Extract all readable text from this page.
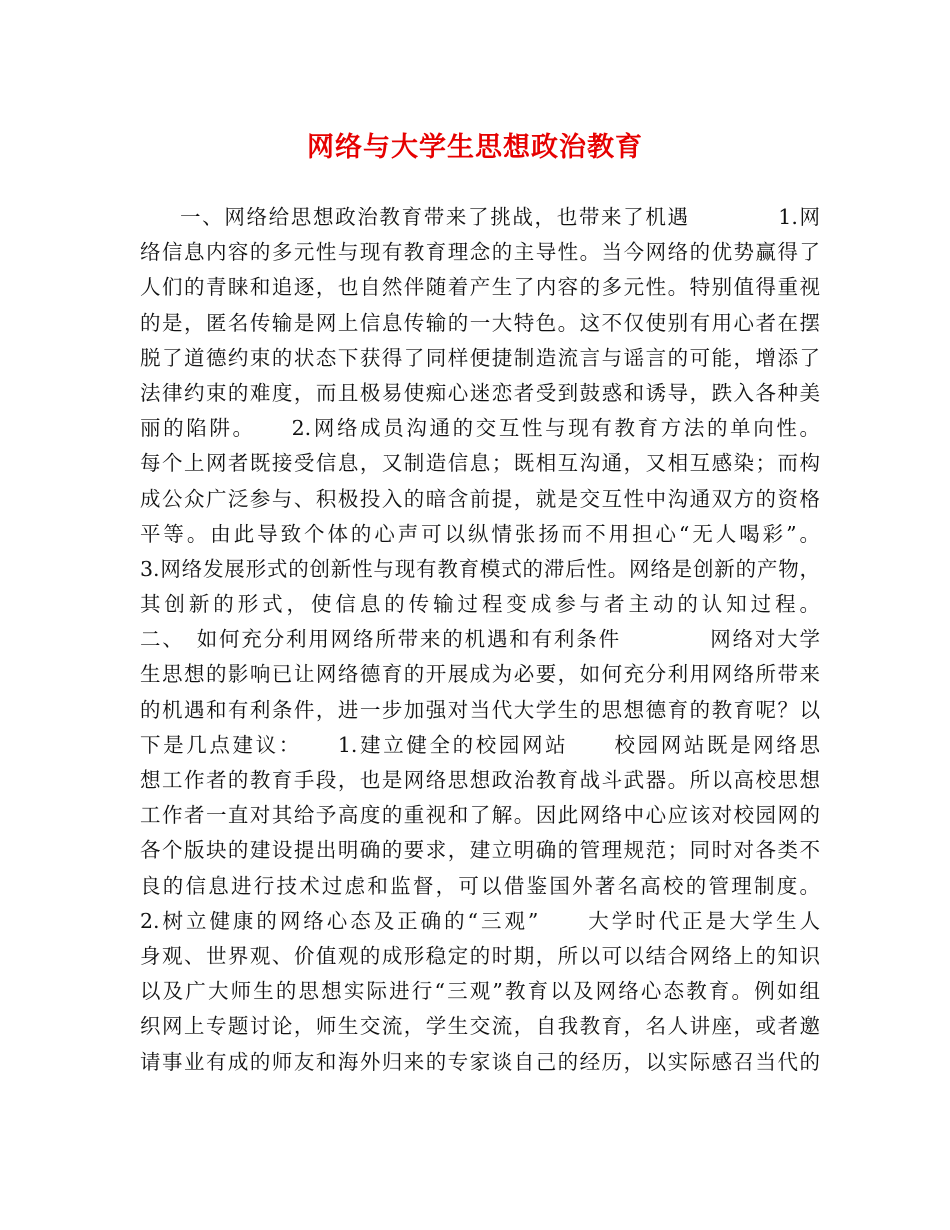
网络与大学生思想政治教育
一、网络给思想政治教育带来了挑战，也带来了机遇　　　　1.网
络信息内容的多元性与现有教育理念的主导性。当今网络的优势赢得了
人们的青睐和追逐，也自然伴随着产生了内容的多元性。特别值得重视
的是，匿名传输是网上信息传输的一大特色。这不仅使别有用心者在摆
脱了道德约束的状态下获得了同样便捷制造流言与谣言的可能，增添了
法律约束的难度，而且极易使痴心迷恋者受到鼓惑和诱导，跌入各种美
丽的陷阱。　　2.网络成员沟通的交互性与现有教育方法的单向性。
每个上网者既接受信息，又制造信息；既相互沟通，又相互感染；而构
成公众广泛参与、积极投入的暗含前提，就是交互性中沟通双方的资格
平等。由此导致个体的心声可以纵情张扬而不用担心“无人喝彩”。
3.网络发展形式的创新性与现有教育模式的滞后性。网络是创新的产物，
其创新的形式，使信息的传输过程变成参与者主动的认知过程。
二、　如何充分利用网络所带来的机遇和有利条件　　　　网络对大学
生思想的影响已让网络德育的开展成为必要，如何充分利用网络所带来
的机遇和有利条件，进一步加强对当代大学生的思想德育的教育呢？以
下是几点建议：　　1.建立健全的校园网站　　校园网站既是网络思
想工作者的教育手段，也是网络思想政治教育战斗武器。所以高校思想
工作者一直对其给予高度的重视和了解。因此网络中心应该对校园网的
各个版块的建设提出明确的要求，建立明确的管理规范；同时对各类不
良的信息进行技术过虑和监督，可以借鉴国外著名高校的管理制度。
2.树立健康的网络心态及正确的“三观”　　大学时代正是大学生人
身观、世界观、价值观的成形稳定的时期，所以可以结合网络上的知识
以及广大师生的思想实际进行“三观”教育以及网络心态教育。例如组
织网上专题讨论，师生交流，学生交流，自我教育，名人讲座，或者邀
请事业有成的师友和海外归来的专家谈自己的经历，以实际感召当代的
